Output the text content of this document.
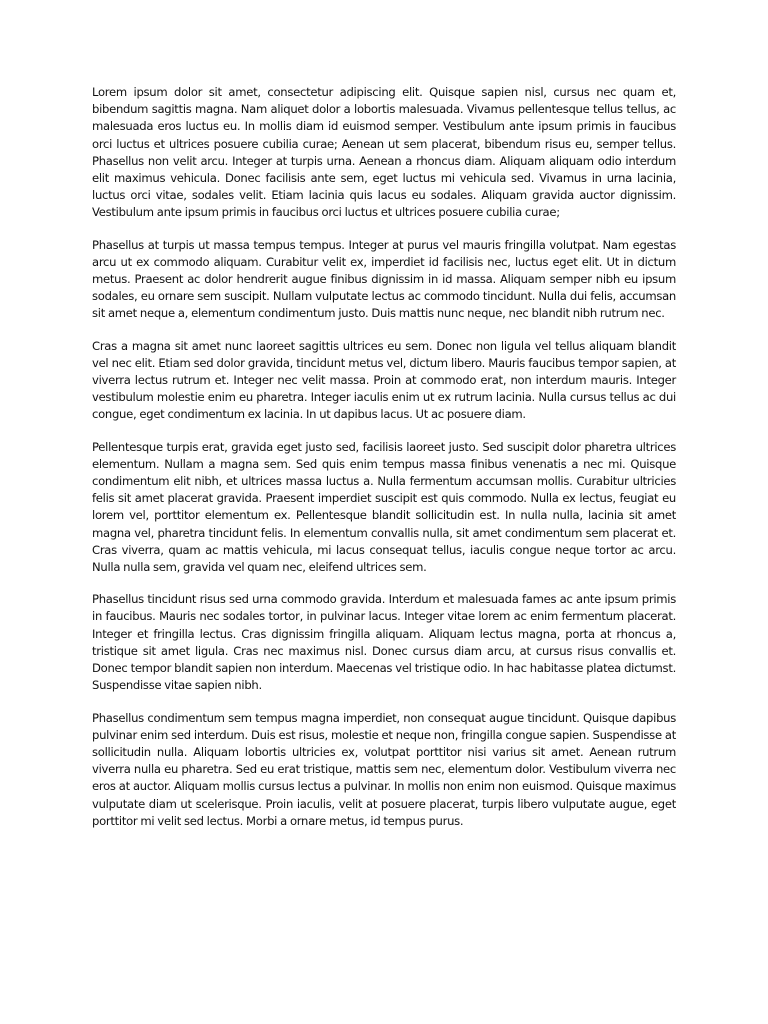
Lorem ipsum dolor sit amet, consectetur adipiscing elit. Quisque sapien nisl, cursus nec quam et, bibendum sagittis magna. Nam aliquet dolor a lobortis malesuada. Vivamus pellentesque tellus tellus, ac malesuada eros luctus eu. In mollis diam id euismod semper. Vestibulum ante ipsum primis in faucibus orci luctus et ultrices posuere cubilia curae; Aenean ut sem placerat, bibendum risus eu, semper tellus. Phasellus non velit arcu. Integer at turpis urna. Aenean a rhoncus diam. Aliquam aliquam odio interdum elit maximus vehicula. Donec facilisis ante sem, eget luctus mi vehicula sed. Vivamus in urna lacinia, luctus orci vitae, sodales velit. Etiam lacinia quis lacus eu sodales. Aliquam gravida auctor dignissim. Vestibulum ante ipsum primis in faucibus orci luctus et ultrices posuere cubilia curae;

Phasellus at turpis ut massa tempus tempus. Integer at purus vel mauris fringilla volutpat. Nam egestas arcu ut ex commodo aliquam. Curabitur velit ex, imperdiet id facilisis nec, luctus eget elit. Ut in dictum metus. Praesent ac dolor hendrerit augue finibus dignissim in id massa. Aliquam semper nibh eu ipsum sodales, eu ornare sem suscipit. Nullam vulputate lectus ac commodo tincidunt. Nulla dui felis, accumsan sit amet neque a, elementum condimentum justo. Duis mattis nunc neque, nec blandit nibh rutrum nec.

Cras a magna sit amet nunc laoreet sagittis ultrices eu sem. Donec non ligula vel tellus aliquam blandit vel nec elit. Etiam sed dolor gravida, tincidunt metus vel, dictum libero. Mauris faucibus tempor sapien, at viverra lectus rutrum et. Integer nec velit massa. Proin at commodo erat, non interdum mauris. Integer vestibulum molestie enim eu pharetra. Integer iaculis enim ut ex rutrum lacinia. Nulla cursus tellus ac dui congue, eget condimentum ex lacinia. In ut dapibus lacus. Ut ac posuere diam.

Pellentesque turpis erat, gravida eget justo sed, facilisis laoreet justo. Sed suscipit dolor pharetra ultrices elementum. Nullam a magna sem. Sed quis enim tempus massa finibus venenatis a nec mi. Quisque condimentum elit nibh, et ultrices massa luctus a. Nulla fermentum accumsan mollis. Curabitur ultricies felis sit amet placerat gravida. Praesent imperdiet suscipit est quis commodo. Nulla ex lectus, feugiat eu lorem vel, porttitor elementum ex. Pellentesque blandit sollicitudin est. In nulla nulla, lacinia sit amet magna vel, pharetra tincidunt felis. In elementum convallis nulla, sit amet condimentum sem placerat et. Cras viverra, quam ac mattis vehicula, mi lacus consequat tellus, iaculis congue neque tortor ac arcu. Nulla nulla sem, gravida vel quam nec, eleifend ultrices sem.

Phasellus tincidunt risus sed urna commodo gravida. Interdum et malesuada fames ac ante ipsum primis in faucibus. Mauris nec sodales tortor, in pulvinar lacus. Integer vitae lorem ac enim fermentum placerat. Integer et fringilla lectus. Cras dignissim fringilla aliquam. Aliquam lectus magna, porta at rhoncus a, tristique sit amet ligula. Cras nec maximus nisl. Donec cursus diam arcu, at cursus risus convallis et. Donec tempor blandit sapien non interdum. Maecenas vel tristique odio. In hac habitasse platea dictumst. Suspendisse vitae sapien nibh.

Phasellus condimentum sem tempus magna imperdiet, non consequat augue tincidunt. Quisque dapibus pulvinar enim sed interdum. Duis est risus, molestie et neque non, fringilla congue sapien. Suspendisse at sollicitudin nulla. Aliquam lobortis ultricies ex, volutpat porttitor nisi varius sit amet. Aenean rutrum viverra nulla eu pharetra. Sed eu erat tristique, mattis sem nec, elementum dolor. Vestibulum viverra nec eros at auctor. Aliquam mollis cursus lectus a pulvinar. In mollis non enim non euismod. Quisque maximus vulputate diam ut scelerisque. Proin iaculis, velit at posuere placerat, turpis libero vulputate augue, eget porttitor mi velit sed lectus. Morbi a ornare metus, id tempus purus.
